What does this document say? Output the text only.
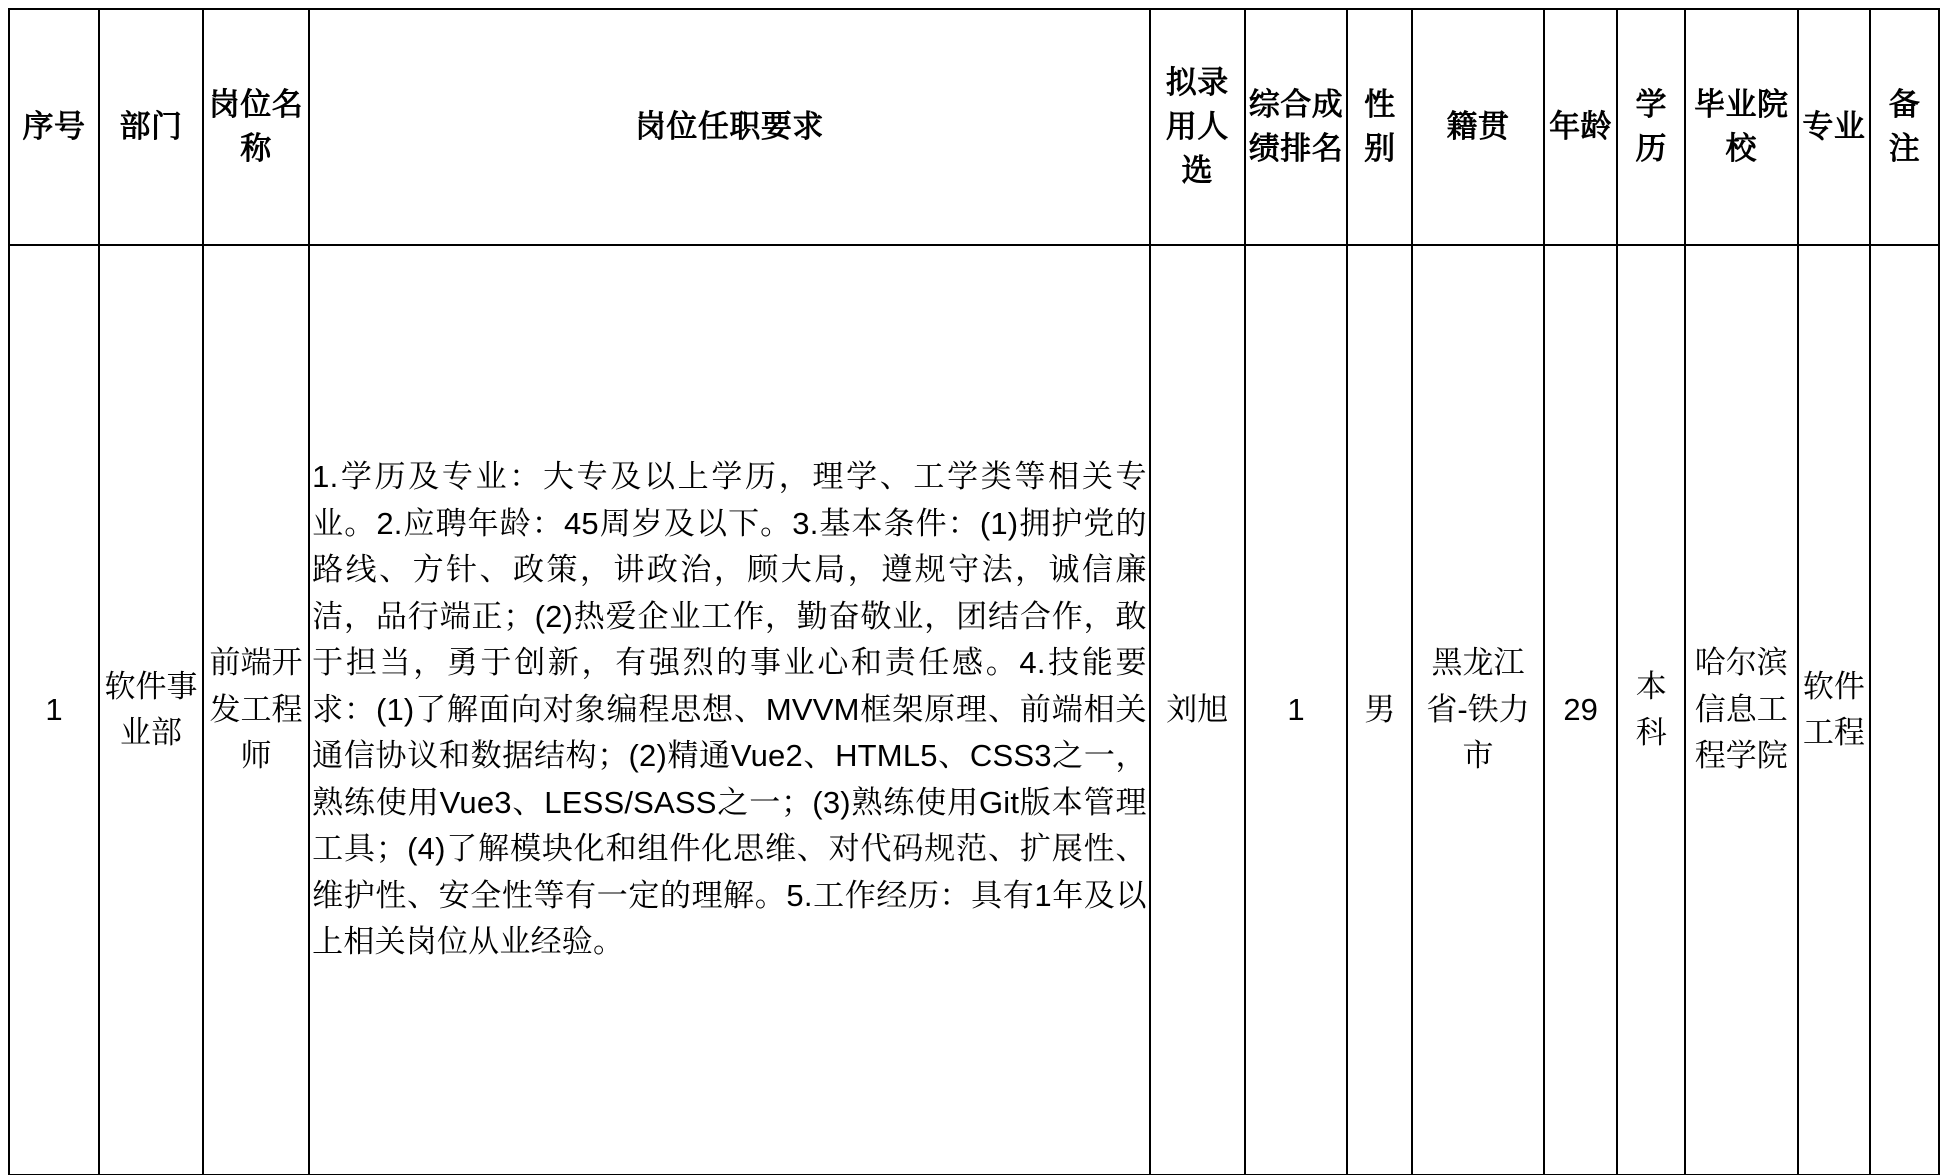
序号	部门	岗位名称	岗位任职要求	拟录用人选	综合成绩排名	性别	籍贯	年龄	学历	毕业院校	专业	备注

1	软件事业部	前端开发工程师	1.学历及专业：大专及以上学历，理学、工学类等相关专业。2.应聘年龄：45周岁及以下。3.基本条件：(1)拥护党的路线、方针、政策，讲政治，顾大局，遵规守法，诚信廉洁，品行端正；(2)热爱企业工作，勤奋敬业，团结合作，敢于担当，勇于创新，有强烈的事业心和责任感。4.技能要求：(1)了解面向对象编程思想、MVVM框架原理、前端相关通信协议和数据结构；(2)精通Vue2、HTML5、CSS3之一，熟练使用Vue3、LESS/SASS之一；(3)熟练使用Git版本管理工具；(4)了解模块化和组件化思维、对代码规范、扩展性、维护性、安全性等有一定的理解。5.工作经历：具有1年及以上相关岗位从业经验。	刘旭	1	男	黑龙江省-铁力市	29	本科	哈尔滨信息工程学院	软件工程	
